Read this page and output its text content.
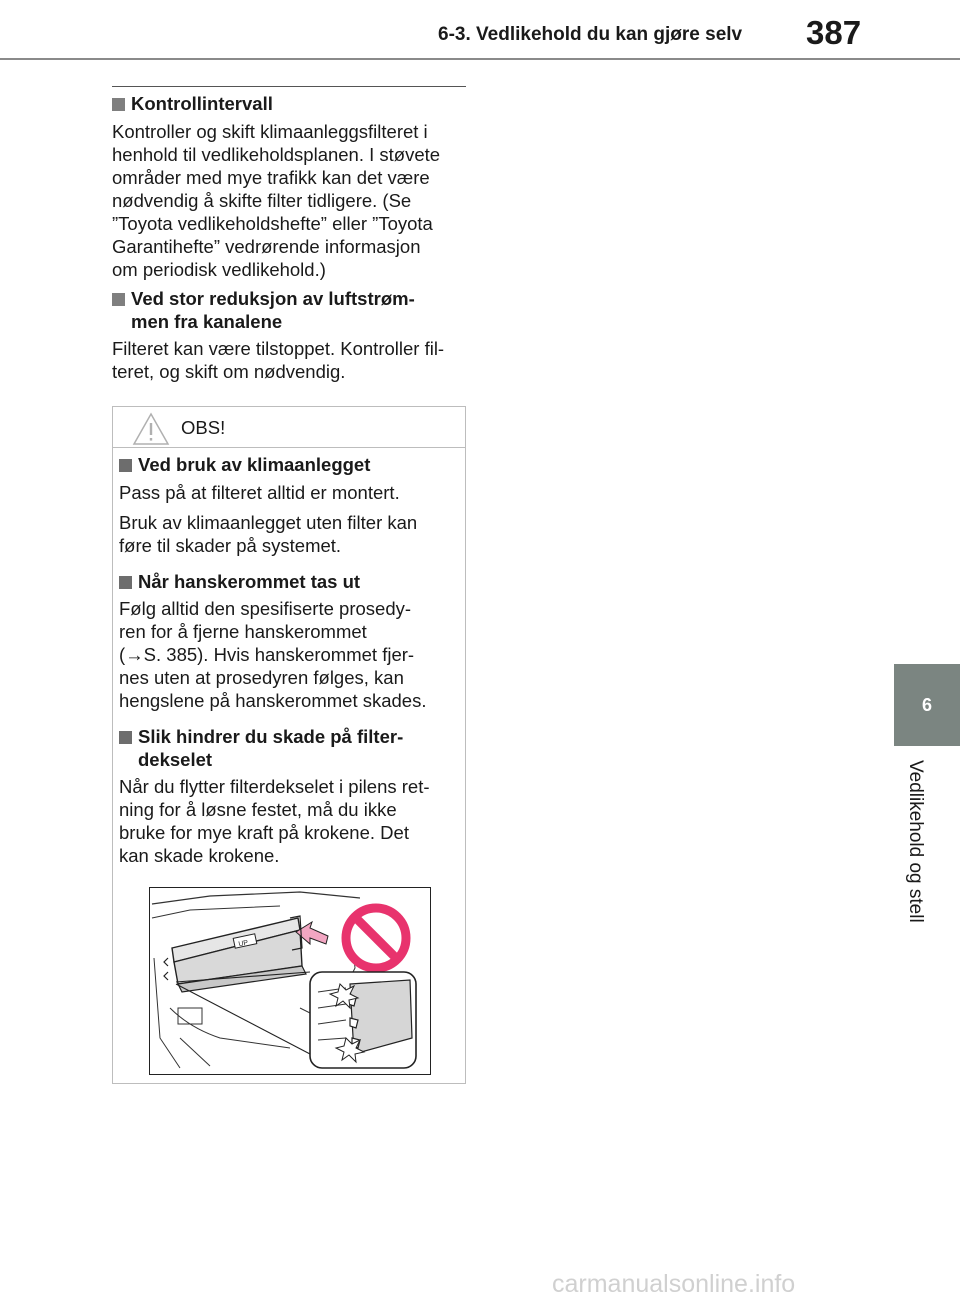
6-3. Vedlikehold du kan gjøre selv	387
6
Vedlikehold og stell
Kontrollintervall

Kontroller og skift klimaanleggsfilteret i
henhold til vedlikeholdsplanen. I støvete
områder med mye trafikk kan det være
nødvendig å skifte filter tidligere. (Se
”Toyota vedlikeholdshefte” eller ”Toyota
Garantihefte” vedrørende informasjon
om periodisk vedlikehold.)

Ved stor reduksjon av luftstrøm-
men fra kanalene

Filteret kan være tilstoppet. Kontroller fil-
teret, og skift om nødvendig.

OBS!
Ved bruk av klimaanlegget

Pass på at filteret alltid er montert.

Bruk av klimaanlegget uten filter kan
føre til skader på systemet.

Når hanskerommet tas ut

Følg alltid den spesifiserte prosedy-
ren for å fjerne hanskerommet
(→S. 385). Hvis hanskerommet fjer-
nes uten at prosedyren følges, kan
hengslene på hanskerommet skades.

Slik hindrer du skade på filter-
dekselet

Når du flytter filterdekselet i pilens ret-
ning for å løsne festet, må du ikke
bruke for mye kraft på krokene. Det
kan skade krokene.

UP
carmanualsonline.info
